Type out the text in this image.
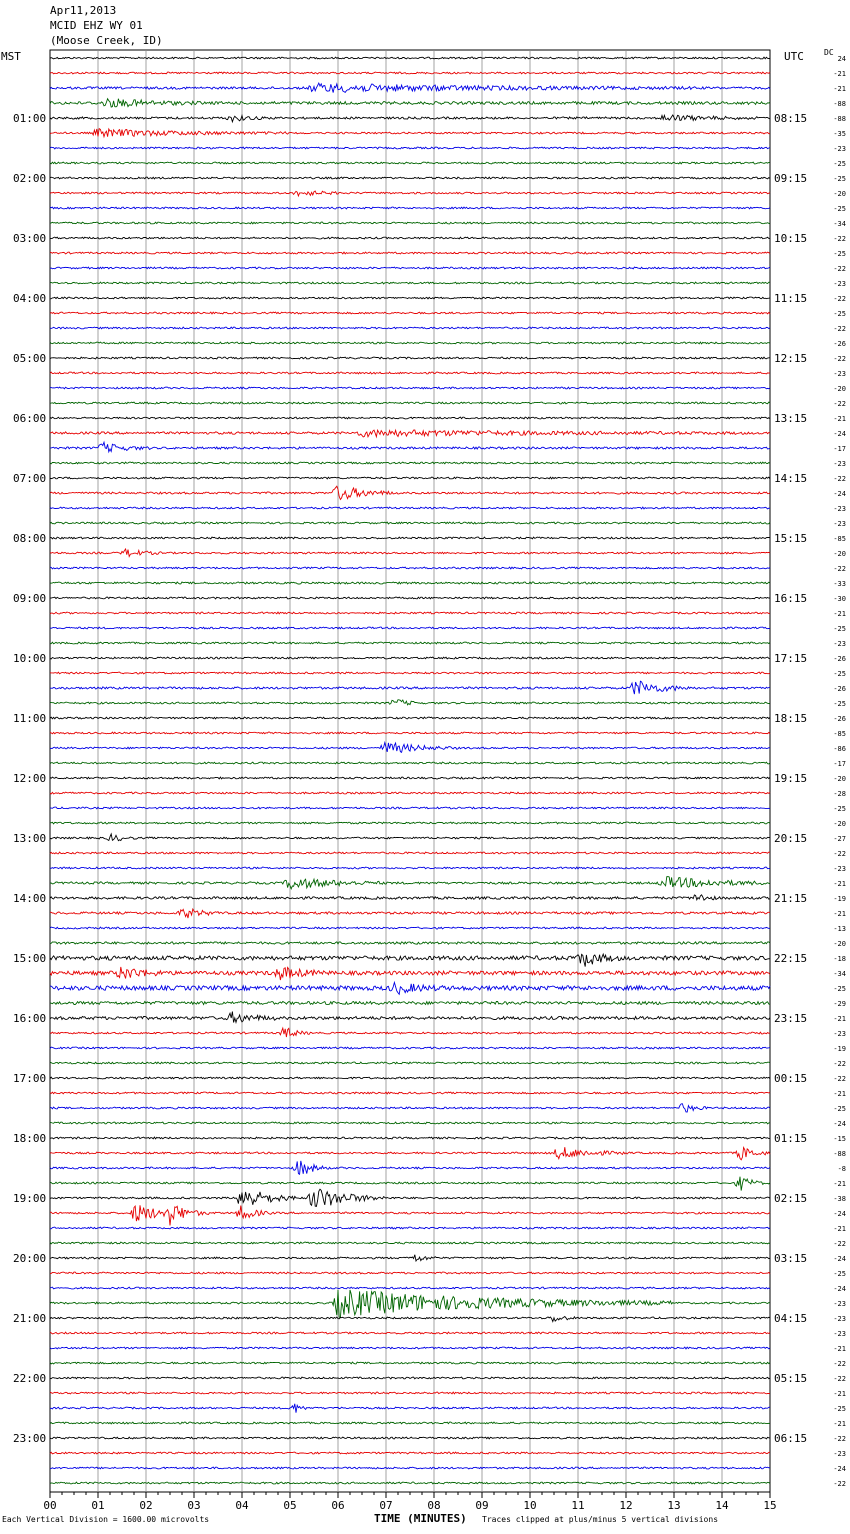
Apr11,2013
MCID EHZ WY 01
(Moose Creek, ID)
MST	UTC	DC
00	01	02	03	04	05	06	07	08	09	10	11	12	13	14	15
24
-21
-21
-88
-88
-35
-23
-25
-25
-20
-25
-34
-22
-25
-22
-23
-22
-25
-22
-26
-22
-23
-20
-22
-21
-24
-17
-23
-22
-24
-23
-23
-85
-20
-22
-33
-30
-21
-25
-23
-26
-25
-26
-25
-26
-85
-86
-17
-20
-28
-25
-20
-27
-22
-23
-21
-19
-21
-13
-20
-18
-34
-25
-29
-21
-23
-19
-22
-22
-21
-25
-24
-15
-88
-8
-21
-38
-24
-21
-22
-24
-25
-24
-23
-23
-23
-21
-22
-22
-21
-25
-21
-22
-23
-24
-22
01:00
02:00
03:00
04:00
05:00
06:00
07:00
08:00
09:00
10:00
11:00
12:00
13:00
14:00
15:00
16:00
17:00
18:00
19:00
20:00
21:00
22:00
23:00
08:15
09:15
10:15
11:15
12:15
13:15
14:15
15:15
16:15
17:15
18:15
19:15
20:15
21:15
22:15
23:15
00:15
01:15
02:15
03:15
04:15
05:15
06:15
Each Vertical Division = 1600.00 microvolts	TIME (MINUTES) Traces clipped at plus/minus 5 vertical divisions
